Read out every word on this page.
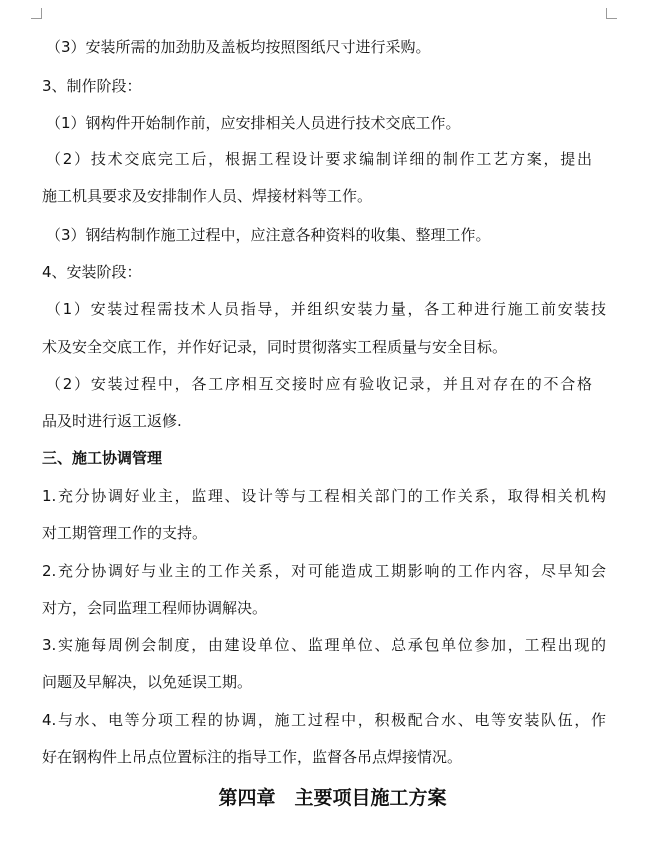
（3）安装所需的加劲肋及盖板均按照图纸尺寸进行采购。
3、制作阶段：
（1）钢构件开始制作前，应安排相关人员进行技术交底工作。
（2）技术交底完工后，根据工程设计要求编制详细的制作工艺方案，提出
施工机具要求及安排制作人员、焊接材料等工作。
（3）钢结构制作施工过程中，应注意各种资料的收集、整理工作。
4、安装阶段：
（1）安装过程需技术人员指导，并组织安装力量，各工种进行施工前安装技
术及安全交底工作，并作好记录，同时贯彻落实工程质量与安全目标。
（2）安装过程中，各工序相互交接时应有验收记录，并且对存在的不合格
品及时进行返工返修.
三、施工协调管理
1.充分协调好业主，监理、设计等与工程相关部门的工作关系，取得相关机构
对工期管理工作的支持。
2.充分协调好与业主的工作关系，对可能造成工期影响的工作内容，尽早知会
对方，会同监理工程师协调解决。
3.实施每周例会制度，由建设单位、监理单位、总承包单位参加，工程出现的
问题及早解决，以免延误工期。
4.与水、电等分项工程的协调，施工过程中，积极配合水、电等安装队伍，作
好在钢构件上吊点位置标注的指导工作，监督各吊点焊接情况。
第四章　主要项目施工方案
